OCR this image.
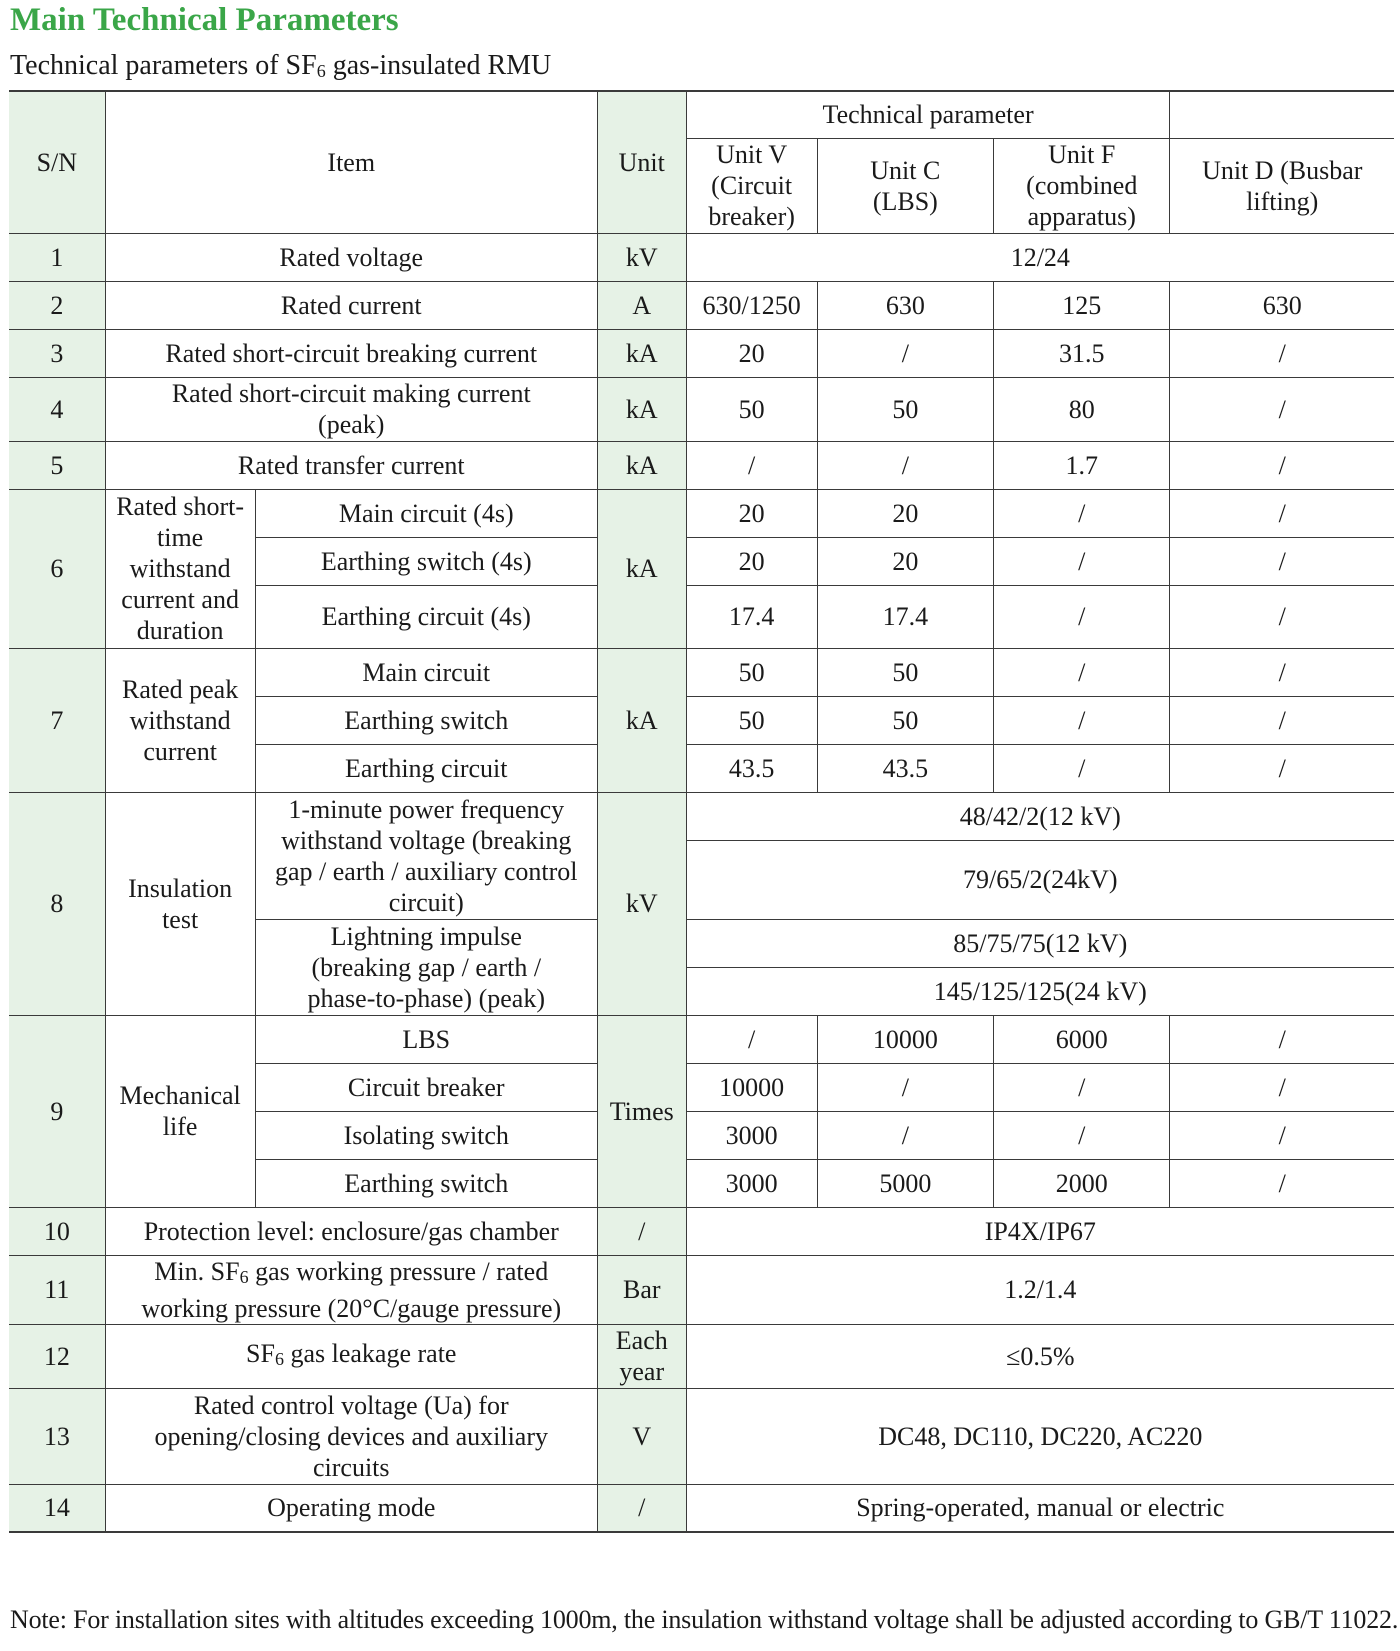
Main Technical Parameters
Technical parameters of $SF_6$ gas-insulated RMU
S/N	Item		Unit	Technical parameter			
				Unit V (Circuit breaker)	Unit C (LBS)	Unit F (combined apparatus)	Unit D (Busbar lifting)
1	Rated voltage		kV	12/24			
2	Rated current		A	630/1250	630	125	630
3	Rated short-circuit breaking current		kA	20	/	31.5	/
4	Rated short-circuit making current (peak)		kA	50	50	80	/
5	Rated transfer current		kA	/	/	1.7	/
6	Rated short-time withstand current and duration	Main circuit (4s)	kA	20	20	/	/
		Earthing switch (4s)		20	20	/	/
		Earthing circuit (4s)		17.4	17.4	/	/
7	Rated peak withstand current	Main circuit	kA	50	50	/	/
		Earthing switch		50	50	/	/
		Earthing circuit		43.5	43.5	/	/
8	Insulation test	1-minute power frequency withstand voltage (breaking gap / earth / auxiliary control circuit)	kV	48/42/2(12 kV)			
				79/65/2(24kV)			
		Lightning impulse (breaking gap / earth / phase-to-phase) (peak)		85/75/75(12 kV)			
				145/125/125(24 kV)			
9	Mechanical life	LBS	Times	/	10000	6000	/
		Circuit breaker		10000	/	/	/
		Isolating switch		3000	/	/	/
		Earthing switch		3000	5000	2000	/
10	Protection level: enclosure/gas chamber		/	IP4X/IP67			
11	Min. $SF_6$ gas working pressure / rated working pressure (20°C/gauge pressure)		Bar	1.2/1.4			
12	$SF_6$ gas leakage rate		Each year	≤0.5%			
13	Rated control voltage (Ua) for opening/closing devices and auxiliary circuits		V	DC48, DC110, DC220, AC220			
14	Operating mode		/	Spring-operated, manual or electric			
Note: For installation sites with altitudes exceeding 1000m, the insulation withstand voltage shall be adjusted according to GB/T 11022.
